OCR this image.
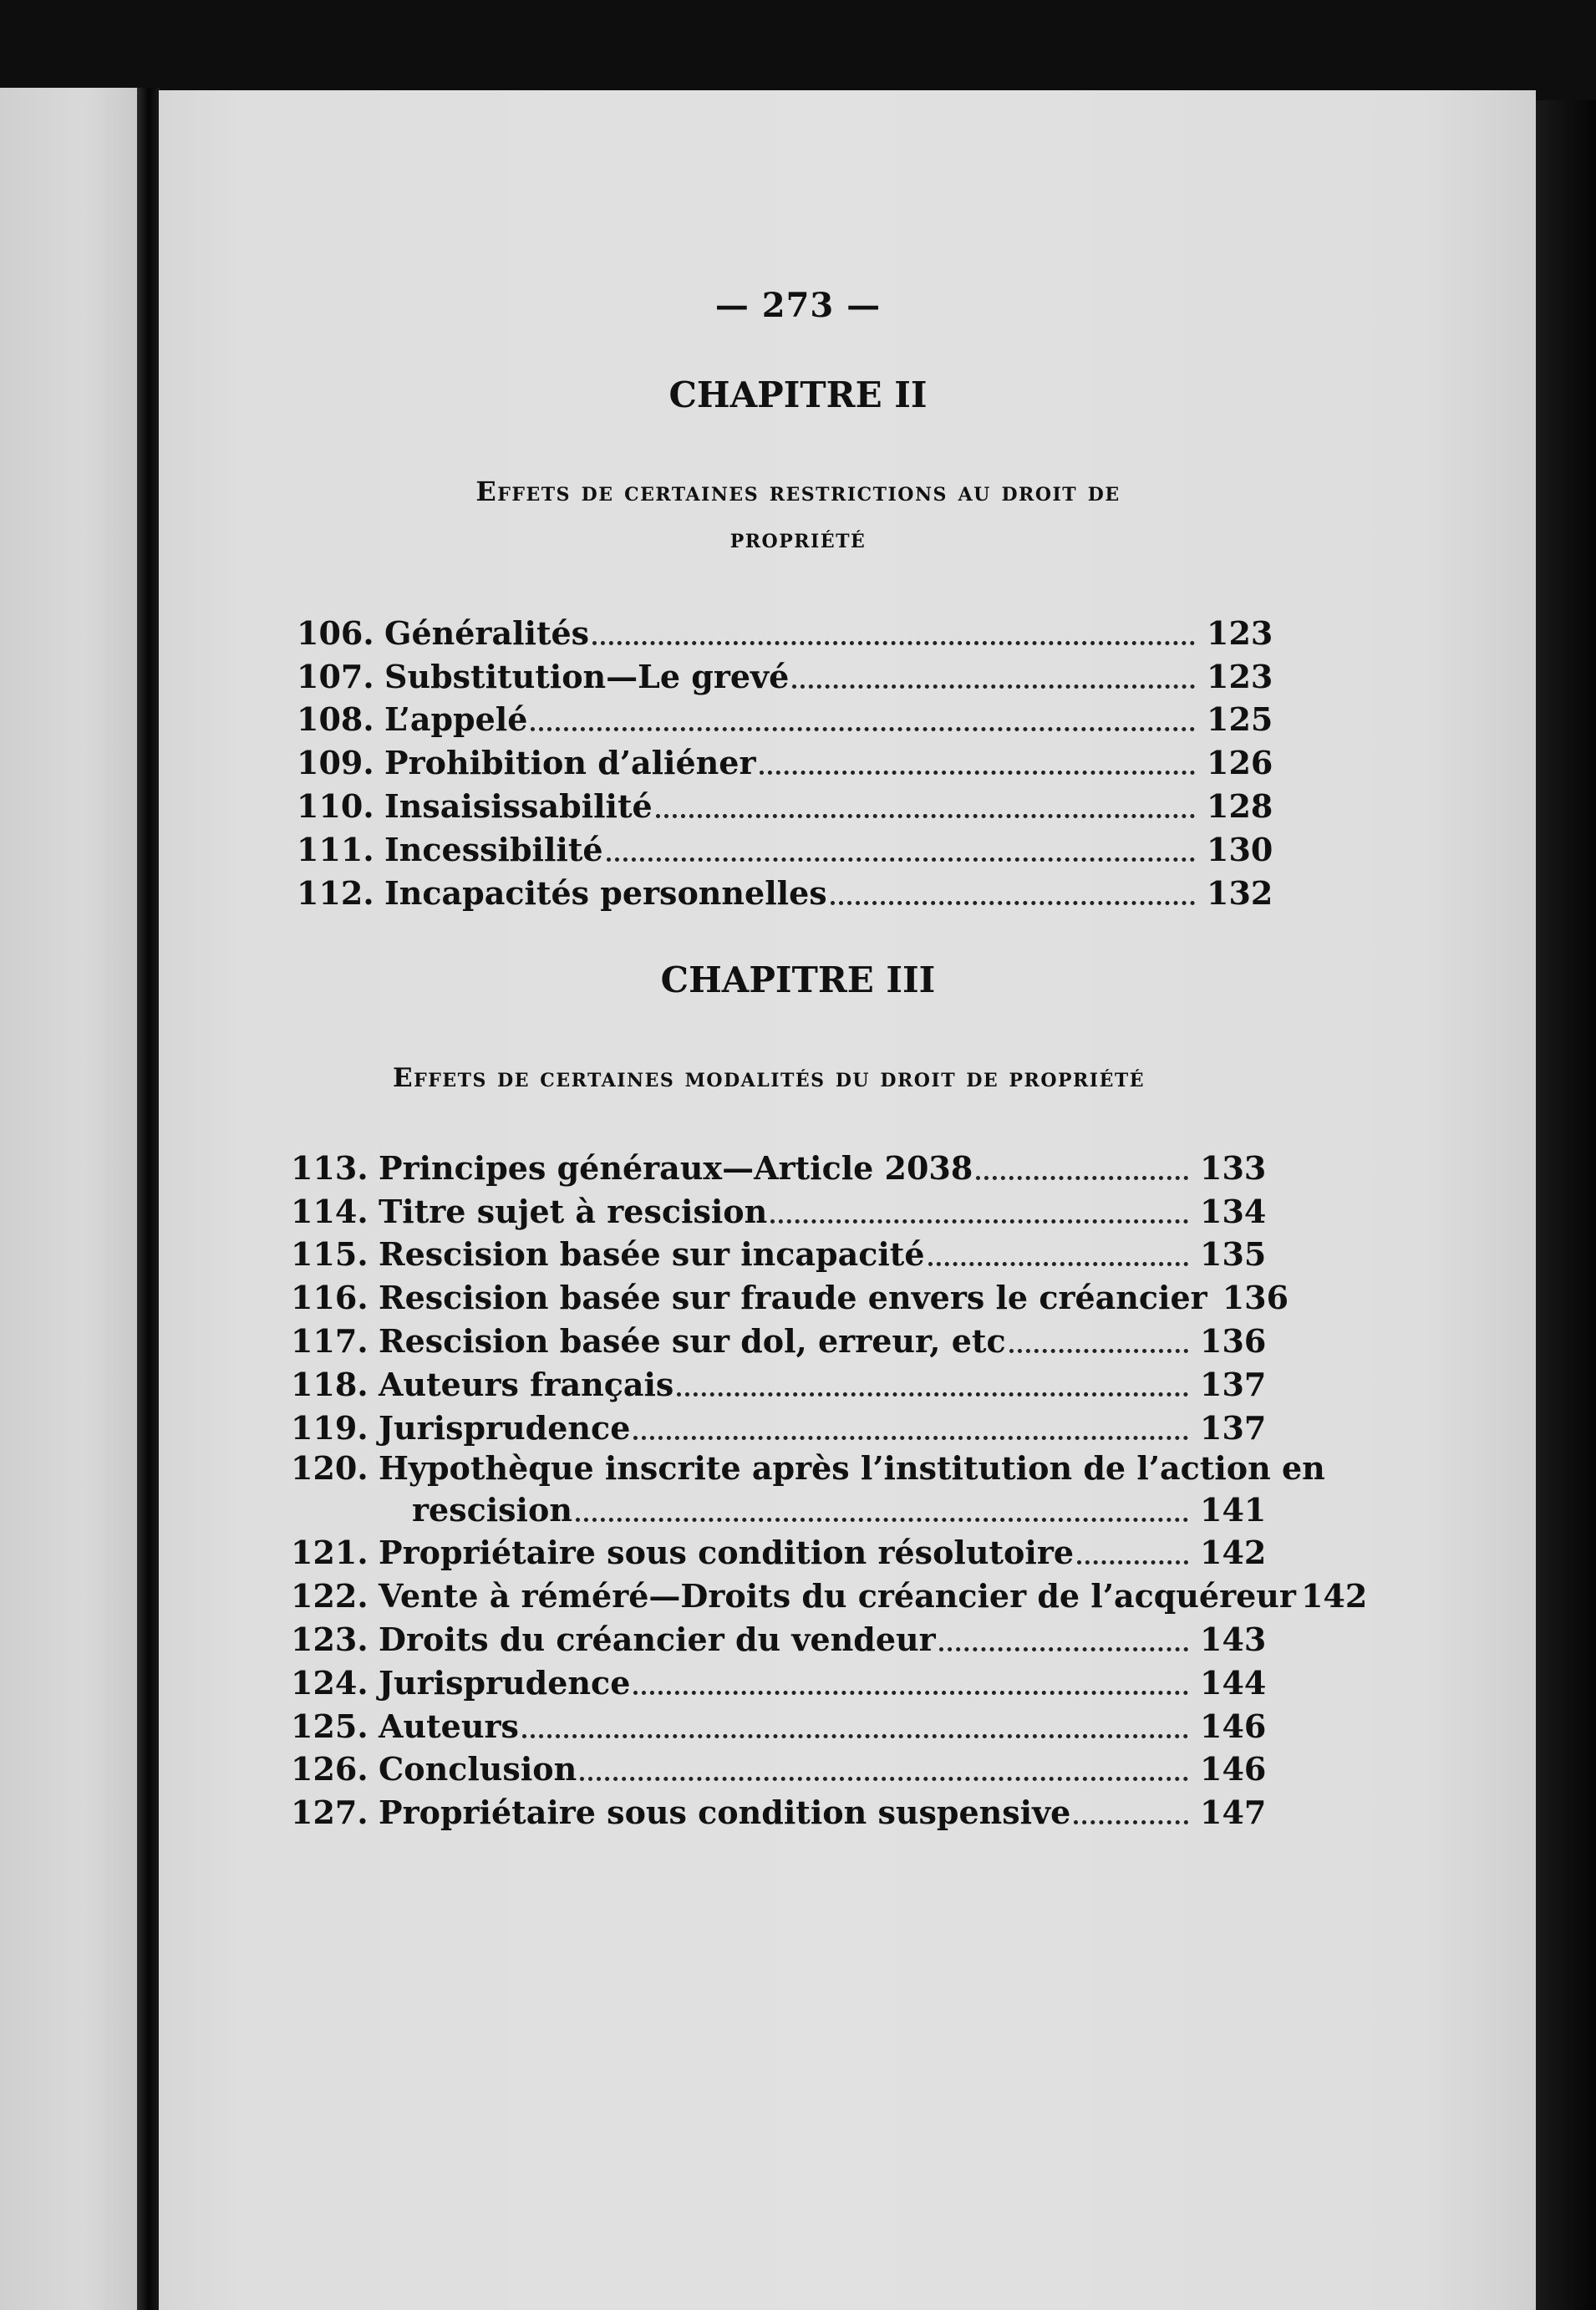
— 273 —
CHAPITRE II
Effets de certaines restrictions au droit de
propriété
106. Généralités	123
107. Substitution—Le grevé	123
108. L’appelé	125
109. Prohibition d’aliéner	126
110. Insaisissabilité	128
111. Incessibilité	130
112. Incapacités personnelles	132
CHAPITRE III
Effets de certaines modalités du droit de propriété
113. Principes généraux—Article 2038	133
114. Titre sujet à rescision	134
115. Rescision basée sur incapacité	135
116. Rescision basée sur fraude envers le créancier 136
117. Rescision basée sur dol, erreur, etc	136
118. Auteurs français	137
119. Jurisprudence	137
120. Hypothèque inscrite après l’institution de l’action en
rescision	141
121. Propriétaire sous condition résolutoire	142
122. Vente à réméré—Droits du créancier de l’acquéreur 142
123. Droits du créancier du vendeur	143
124. Jurisprudence	144
125. Auteurs	146
126. Conclusion	146
127. Propriétaire sous condition suspensive	147
